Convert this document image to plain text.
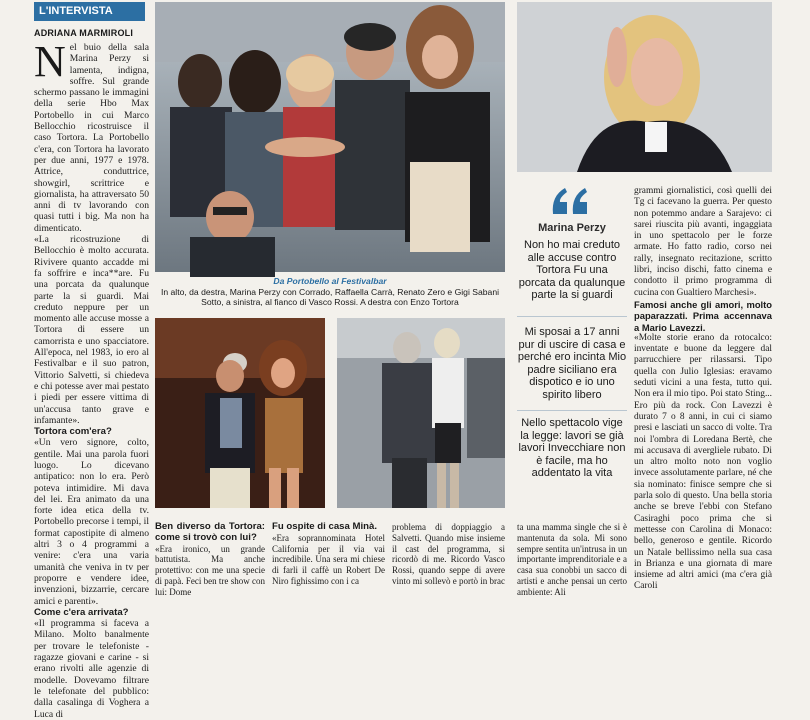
L'INTERVISTA
ADRIANA MARMIROLI

Nel buio della sala Marina Perzy si lamenta, indigna, soffre. Sul grande schermo passano le immagini della serie Hbo Max Portobello in cui Marco Bellocchio ricostruisce il caso Tortora. La Portobello c'era, con Tortora ha lavorato per due anni, 1977 e 1978. Attrice, conduttrice, showgirl, scrittrice e giornalista, ha attraversato 50 anni di tv lavorando con quasi tutti i big. Ma non ha dimenticato.

«La ricostruzione di Bellocchio è molto accurata. Rivivere quanto accadde mi fa soffrire e inca**are. Fu una porcata da qualunque parte la si guardi. Mai creduto neppure per un momento alle accuse mosse a Tortora di essere un camorrista e uno spacciatore. All'epoca, nel 1983, io ero al Festivalbar e il suo patron, Vittorio Salvetti, si chiedeva e chi potesse aver mai pestato i piedi per essere vittima di un'accusa tanto grave e infamante».

Tortora com'era?

«Un vero signore, colto, gentile. Mai una parola fuori luogo. Lo dicevano antipatico: non lo era. Però poteva intimidire. Mi dava del lei. Era animato da una forte idea etica della tv. Portobello precorse i tempi, il format capostipite di almeno altri 3 o 4 programmi a venire: c'era una varia umanità che veniva in tv per proporre e vendere idee, invenzioni, bizzarrie, cercare amici e parenti».

Come c'era arrivata?

«Il programma si faceva a Milano. Molto banalmente per trovare le telefoniste - ragazze giovani e carine - si erano rivolti alle agenzie di modelle. Dovevamo filtrare le telefonate del pubblico: dalla casalinga di Voghera a Luca di

Da Portobello al Festivalbar
In alto, da destra, Marina Perzy con Corrado, Raffaella Carrà, Renato Zero e Gigi Sabani
Sotto, a sinistra, al fianco di Vasco Rossi. A destra con Enzo Tortora
Marina Perzy
Non ho mai creduto alle accuse contro Tortora Fu una porcata da qualunque parte la si guardi
Mi sposai a 17 anni pur di uscire di casa e perché ero incinta Mio padre siciliano era dispotico e io uno spirito libero
Nello spettacolo vige la legge: lavori se già lavori Invecchiare non è facile, ma ho addentato la vita

Ben diverso da Tortora: come si trovò con lui?

«Era ironico, un grande battutista. Ma anche protettivo: con me una specie di papà. Feci ben tre show con lui: Dome

Fu ospite di casa Minà.

«Era soprannominata Hotel California per il via vai incredibile. Una sera mi chiese di farli il caffè un Robert De Niro fighissimo con i ca

problema di doppiaggio a Salvetti. Quando mise insieme il cast del programma, si ricordò di me. Ricordo Vasco Rossi, quando seppe di avere vinto mi sollevò e portò in brac

ta una mamma single che si è mantenuta da sola. Mi sono sempre sentita un'intrusa in un importante imprenditoriale e a casa sua conobbi un sacco di artisti e anche pensai un certo ambiente: Ali

grammi giornalistici, così quelli dei Tg ci facevano la guerra. Per questo non potemmo andare a Sarajevo: ci sarei riuscita più avanti, ingaggiata in uno spettacolo per le forze armate. Ho fatto radio, corso nei rally, insegnato recitazione, scritto libri, inciso dischi, fatto cinema e condotto il primo programma di cucina con Gualtiero Marchesi».

Famosi anche gli amori, molto paparazzati. Prima accennava a Mario Lavezzi.

«Molte storie erano da rotocalco: inventate e buone da leggere dal parrucchiere per rilassarsi. Tipo quella con Julio Iglesias: eravamo seduti vicini a una festa, tutto qui. Non era il mio tipo. Poi stato Sting... Ero più da rock. Con Lavezzi è durato 7 o 8 anni, in cui ci siamo presi e lasciati un sacco di volte. Tra noi l'ombra di Loredana Bertè, che mi accusava di avergliele rubato. Di un altro molto noto non voglio invece assolutamente parlare, né che sia nominato: finisce sempre che si parla solo di questo. Una bella storia anche se breve l'ebbi con Stefano Casiraghi poco prima che si mettesse con Carolina di Monaco: bello, generoso e gentile. Ricordo un Natale bellissimo nella sua casa in Brianza e una giornata di mare insieme ad altri amici (ma c'era già Caroli
